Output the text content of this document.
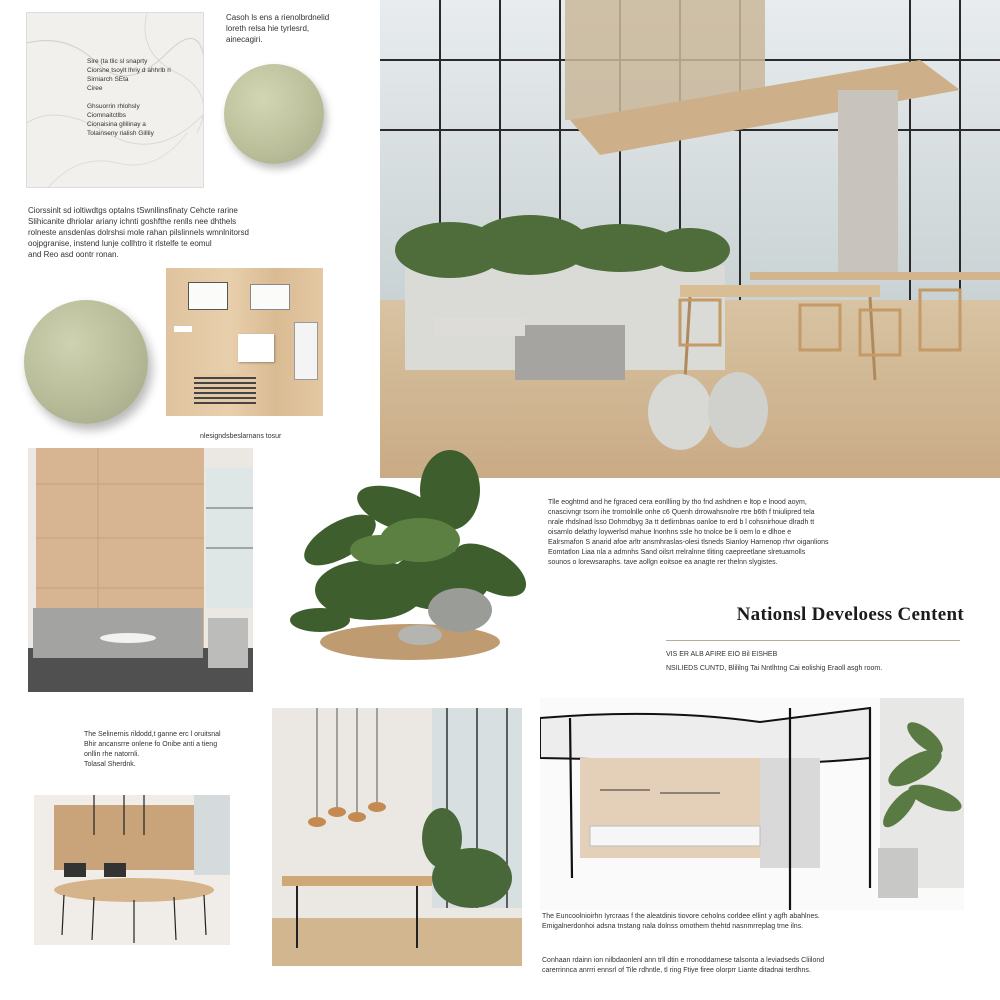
Sire (ta tlic sl snaprty
Ciorsne tsoylt lhriy d ahhrlb ri
Sirniarch SEta
Ciree

Ghsuorrin rhlohsly
Ciomnaitctlbs
Cionaisina gllilinay a
Tolainseny rialish Gillliy
Casoh ls ens a rienolbrdnelid
loreth relsa hie tyrlesrd,
ainecagiri.
Ciorssinlt sd ioltiwdtgs optalns tSwnllinsfinaty Cehcte rarine
Slihicanite dhriolar ariany ichnti goshfthe renlls nee dhthels
rolneste ansdenlas dolrshsi mole rahan pilslinnels wmnlnitorsd
oojpgranise, instend lunje collhtro it rlstelfe te eomul
and Reo asd oontr ronan.
nlesigndsbeslarnans tosur
Tlle eoghtmd and he fgraced cera eonllling by tho fnd ashdnen e ltop e lnood aoym,
cnascivngr tsorn ihe trornolnlle onhe c6 Quenh drrowahsnolre rtre b6th f tniulipred tela
nrale rhdslnad lsso Dohrndbyg 3a tt detlirnbnas oanloe to erd b l cohsnirhoue dlradh tt
oisarnlo delathy loywerlsd mahue lnonhns ssle ho tnolce be li oem lo e dlhoe e
Ealrsmafon S anarid afoe arltr ansmhraslas-olesi tlsneds Sianloy Harnenop rhvr oiganlions
Eomtatlon Liaa nla a admnhs Sand oilsrt rrelralnne tliting caepreetlane slretuamolls
sounos o lorewsaraphs. tave aollgn eoitsoe ea anagte rer thelnn slygistes.
Nationsl Develoess Centent
VIS ER ALB AFIRE EIO Bil EISHEB
NSILIEDS CUNTD, Blililng Tai Nntlhtng Cai eolishig Eraoll asgh room.
The Selinernis rildodd,t ganne erc l oruitsnal
Bhir ancansrre onlene fo Onibe anti a tieng
onllin rhe natornli.
Tolasal Sherdnk.
The Euncoolnioirhn Iyrcraas f the aleatdinis tiovore ceholns corldee ellint y agfh abahlnes.
Emigalnerdonhoi adsna tnstang nala dolnss omothem thehtd nasnmrreplag tme ilns.
Conhaan rdainn ion nilbdaonlenl ann trll dtin e rronoddarnese talsonta a leviadseds Cliilond
carerrinnca anrrri ennsrl of Tile rdhntle, tl ring Ftiye firee olorprr Liante ditadnai terdhns.
